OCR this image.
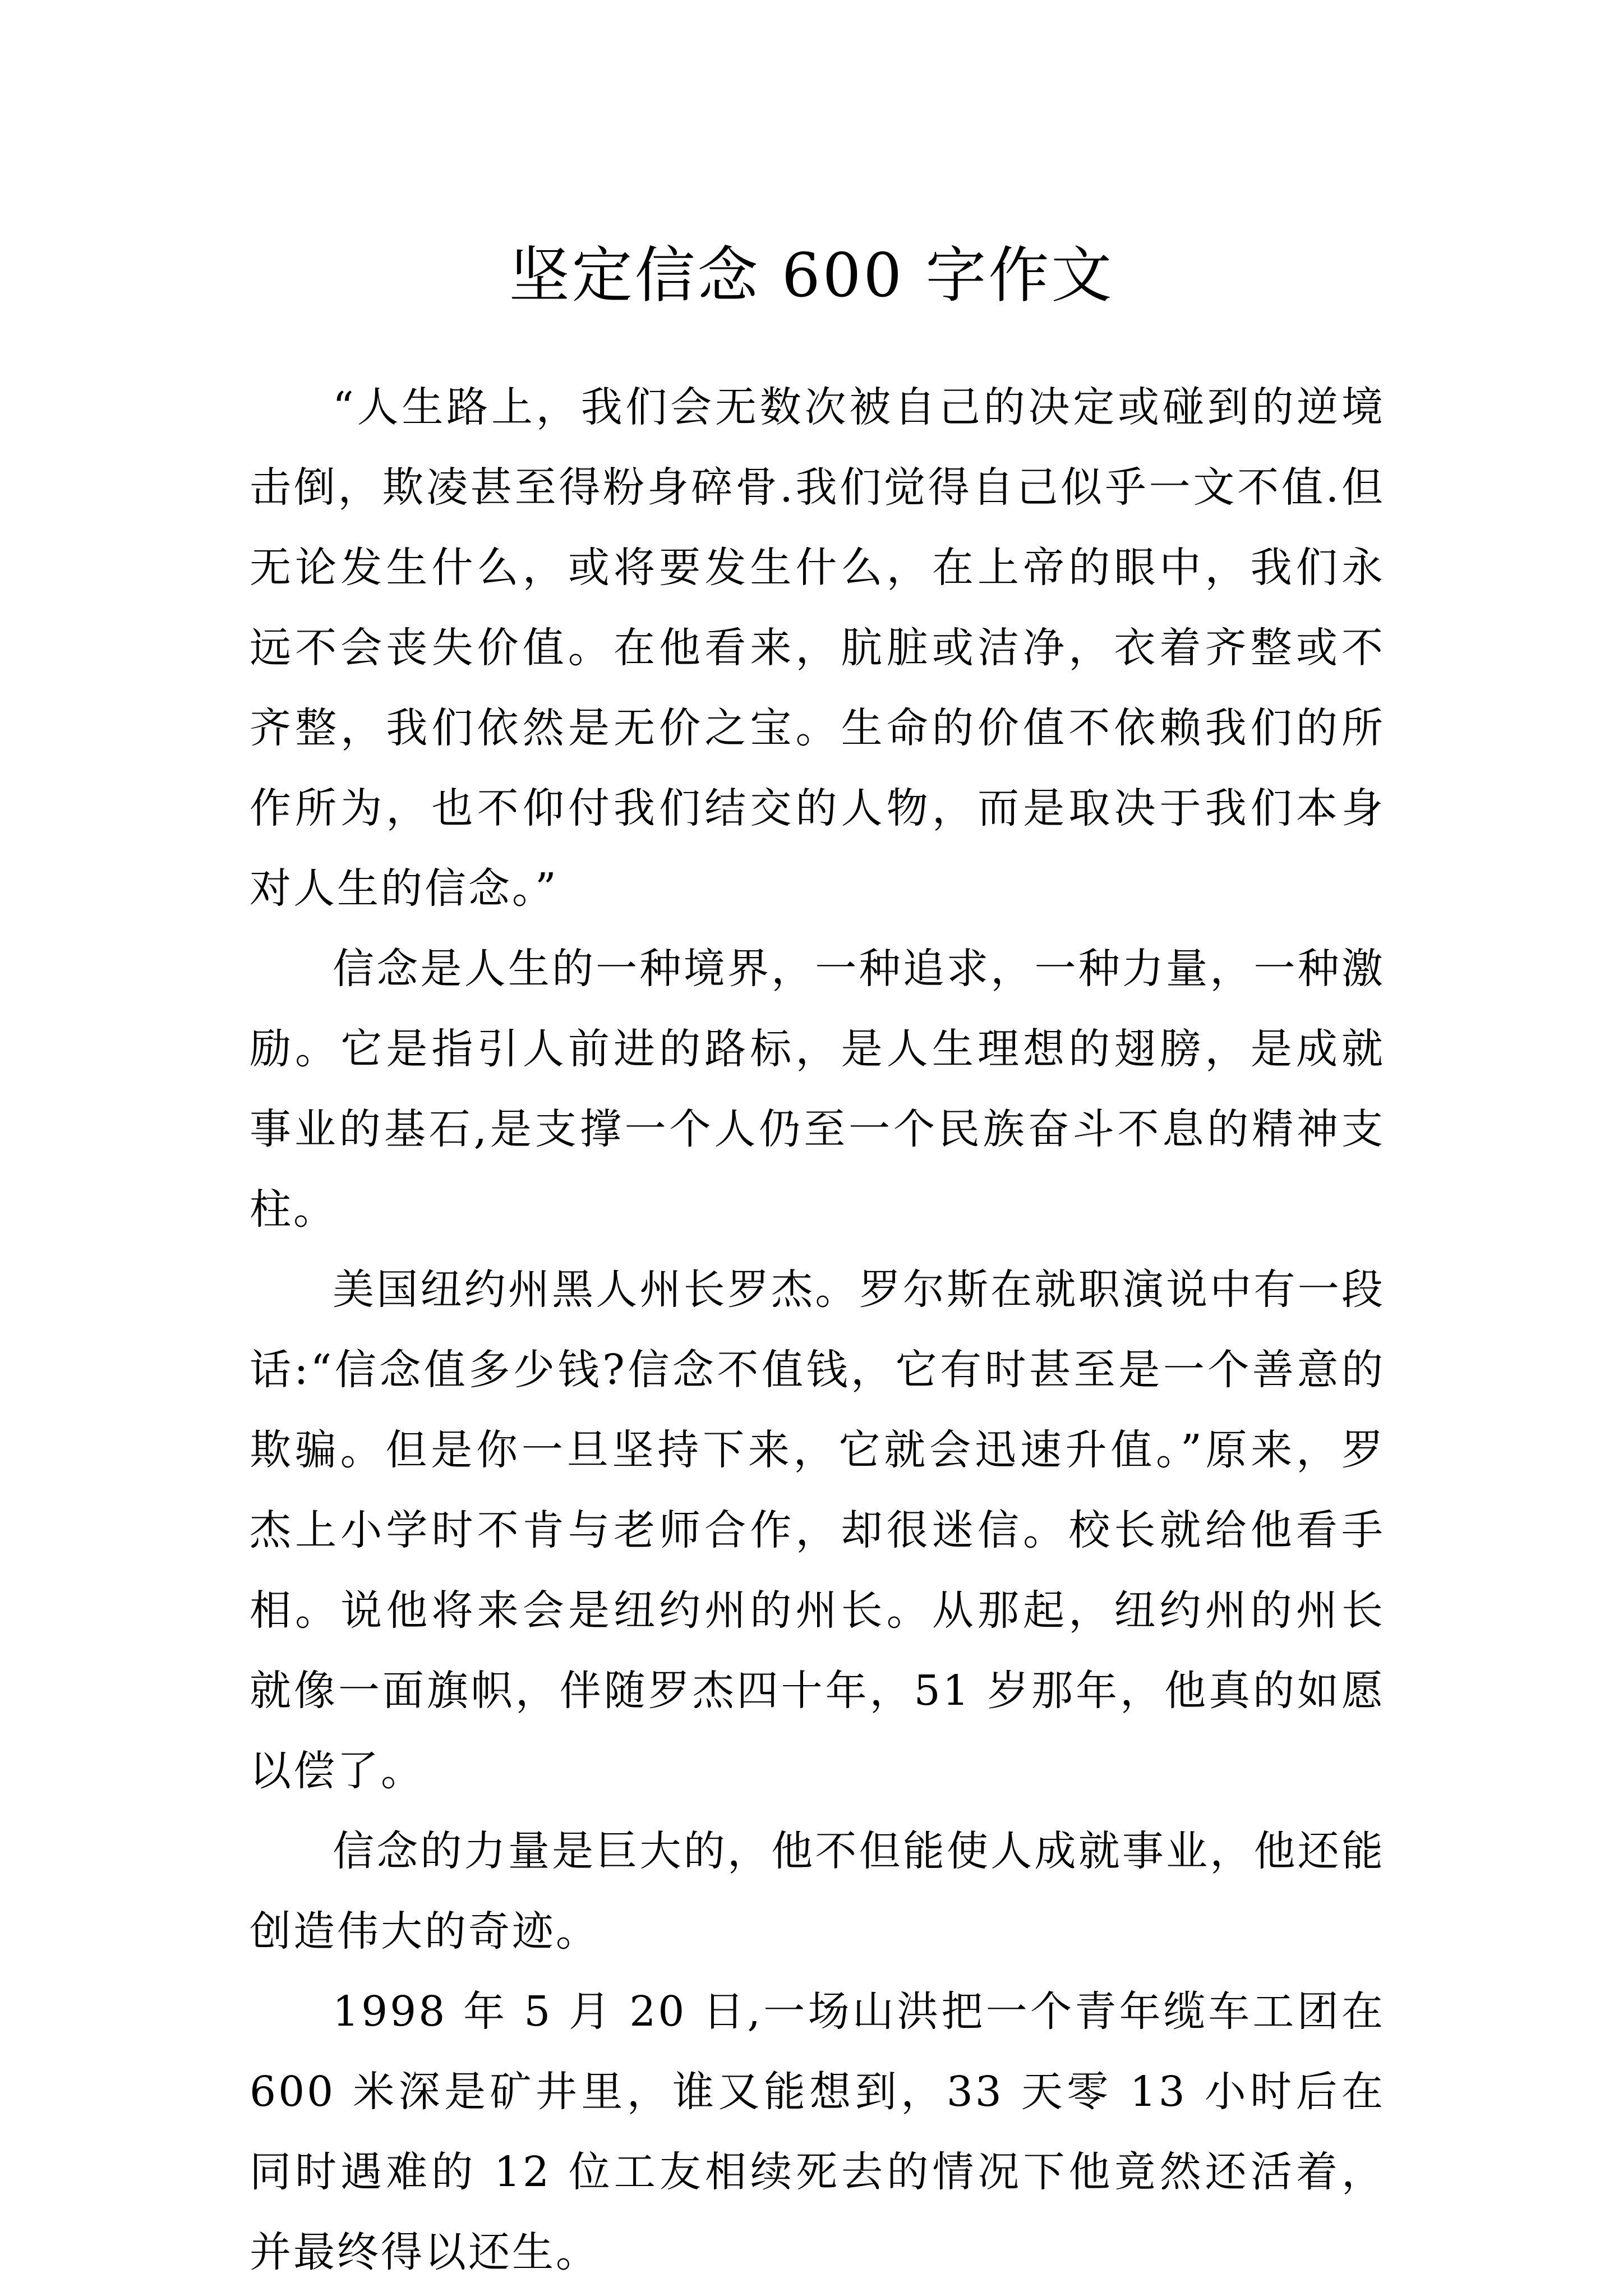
坚定信念 600 字作文

“人生路上，我们会无数次被自己的决定或碰到的逆境击倒，欺凌甚至得粉身碎骨.我们觉得自己似乎一文不值.但无论发生什么，或将要发生什么，在上帝的眼中，我们永远不会丧失价值。在他看来，肮脏或洁净，衣着齐整或不齐整，我们依然是无价之宝。生命的价值不依赖我们的所作所为，也不仰付我们结交的人物，而是取决于我们本身对人生的信念。”

信念是人生的一种境界，一种追求，一种力量，一种激励。它是指引人前进的路标，是人生理想的翅膀，是成就事业的基石,是支撑一个人仍至一个民族奋斗不息的精神支柱。

美国纽约州黑人州长罗杰。罗尔斯在就职演说中有一段话:“信念值多少钱?信念不值钱，它有时甚至是一个善意的欺骗。但是你一旦坚持下来，它就会迅速升值。”原来，罗杰上小学时不肯与老师合作，却很迷信。校长就给他看手相。说他将来会是纽约州的州长。从那起，纽约州的州长就像一面旗帜，伴随罗杰四十年，51 岁那年，他真的如愿以偿了。

信念的力量是巨大的，他不但能使人成就事业，他还能创造伟大的奇迹。

1998 年 5 月 20 日,一场山洪把一个青年缆车工团在 600 米深是矿井里，谁又能想到，33 天零 13 小时后在同时遇难的 12 位工友相续死去的情况下他竟然还活着，并最终得以还生。
